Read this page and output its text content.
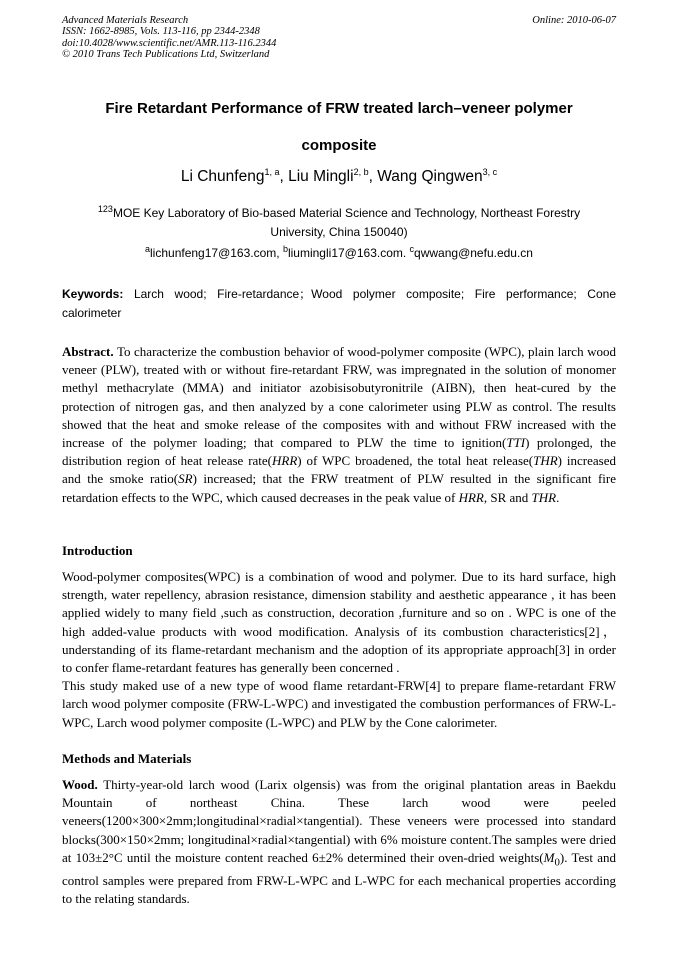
Advanced Materials Research
ISSN: 1662-8985, Vols. 113-116, pp 2344-2348
doi:10.4028/www.scientific.net/AMR.113-116.2344
© 2010 Trans Tech Publications Ltd, Switzerland
Online: 2010-06-07
Fire Retardant Performance of FRW treated larch–veneer polymer
composite
Li Chunfeng$^{1, a}$, Liu Mingli$^{2, b}$, Wang Qingwen$^{3, c}$
$^{123}$MOE Key Laboratory of Bio-based Material Science and Technology, Northeast Forestry University, China 150040)
$^a$lichunfeng17@163.com, $^b$liumingli17@163.com. $^c$qwwang@nefu.edu.cn
Keywords: Larch wood; Fire-retardance；Wood polymer composite; Fire performance; Cone calorimeter
Abstract. To characterize the combustion behavior of wood-polymer composite (WPC), plain larch wood veneer (PLW), treated with or without fire-retardant FRW, was impregnated in the solution of monomer methyl methacrylate (MMA) and initiator azobisisobutyronitrile (AIBN), then heat-cured by the protection of nitrogen gas, and then analyzed by a cone calorimeter using PLW as control. The results showed that the heat and smoke release of the composites with and without FRW increased with the increase of the polymer loading; that compared to PLW the time to ignition(TTI) prolonged, the distribution region of heat release rate(HRR) of WPC broadened, the total heat release(THR) increased and the smoke ratio(SR) increased; that the FRW treatment of PLW resulted in the significant fire retardation effects to the WPC, which caused decreases in the peak value of HRR, SR and THR.
Introduction
Wood-polymer composites(WPC) is a combination of wood and polymer. Due to its hard surface, high strength, water repellency, abrasion resistance, dimension stability and aesthetic appearance , it has been applied widely to many field ,such as construction, decoration ,furniture and so on . WPC is one of the high added-value products with wood modification. Analysis of its combustion characteristics[2]， understanding of its flame-retardant mechanism and the adoption of its appropriate approach[3] in order to confer flame-retardant features has generally been concerned .
This study maked use of a new type of wood flame retardant-FRW[4] to prepare flame-retardant FRW larch wood polymer composite (FRW-L-WPC) and investigated the combustion performances of FRW-L-WPC, Larch wood polymer composite (L-WPC) and PLW by the Cone calorimeter.
Methods and Materials
Wood. Thirty-year-old larch wood (Larix olgensis) was from the original plantation areas in Baekdu Mountain of northeast China. These larch wood were peeled veneers(1200×300×2mm;longitudinal×radial×tangential). These veneers were processed into standard blocks(300×150×2mm; longitudinal×radial×tangential) with 6% moisture content.The samples were dried at 103±2°C until the moisture content reached 6±2% determined their oven-dried $weights(M_0)$. Test and control samples were prepared from FRW-L-WPC and L-WPC for each mechanical properties according to the relating standards.
